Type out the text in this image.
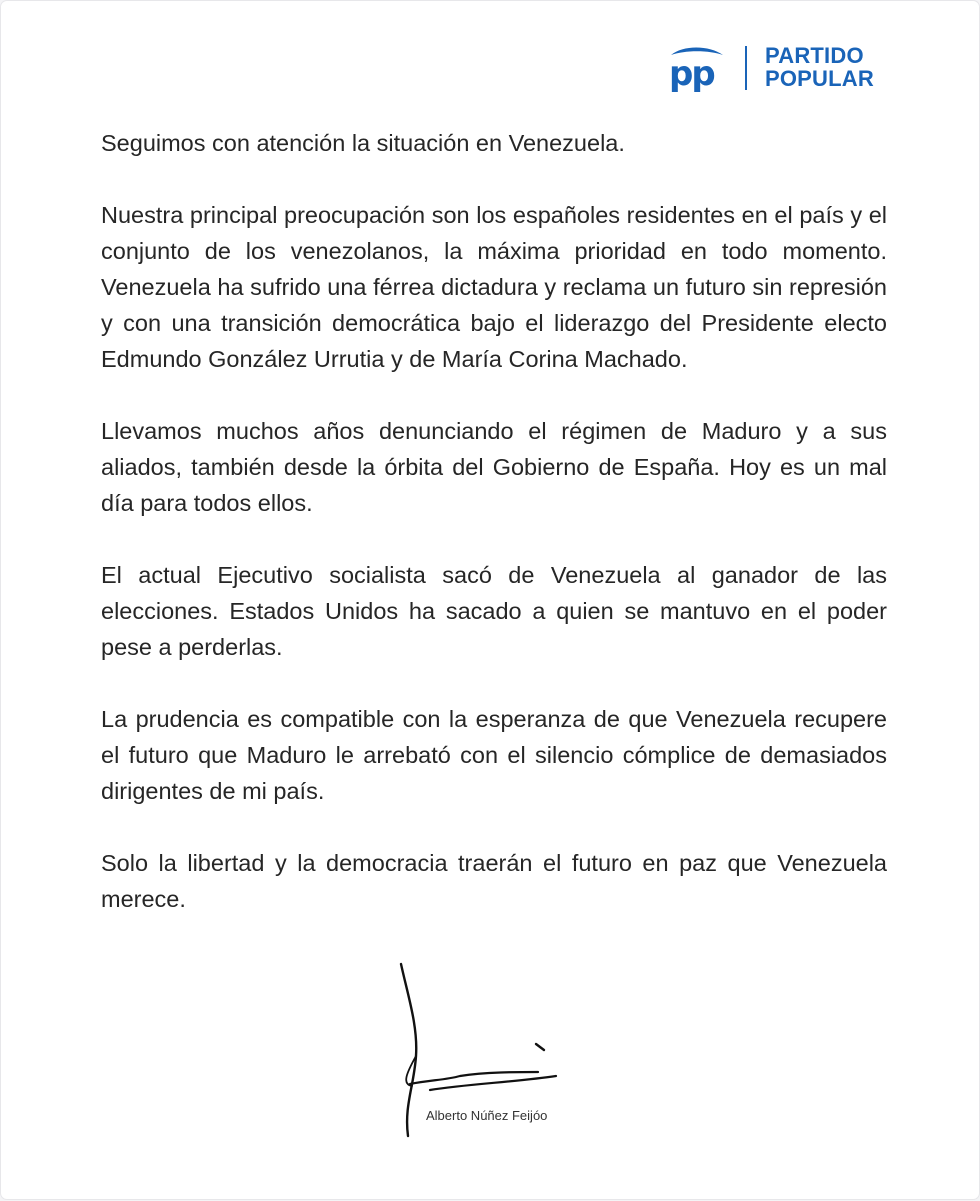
pp PARTIDO
POPULAR

Seguimos con atención la situación en Venezuela.

Nuestra principal preocupación son los españoles residentes en el país y el conjunto de los venezolanos, la máxima prioridad en todo momento. Venezuela ha sufrido una férrea dictadura y reclama un futuro sin represión y con una transición democrática bajo el liderazgo del Presidente electo Edmundo González Urrutia y de María Corina Machado.

Llevamos muchos años denunciando el régimen de Maduro y a sus aliados, también desde la órbita del Gobierno de España. Hoy es un mal día para todos ellos.

El actual Ejecutivo socialista sacó de Venezuela al ganador de las elecciones. Estados Unidos ha sacado a quien se mantuvo en el poder pese a perderlas.

La prudencia es compatible con la esperanza de que Venezuela recupere el futuro que Maduro le arrebató con el silencio cómplice de demasiados dirigentes de mi país.

Solo la libertad y la democracia traerán el futuro en paz que Venezuela merece.

Alberto Núñez Feijóo
